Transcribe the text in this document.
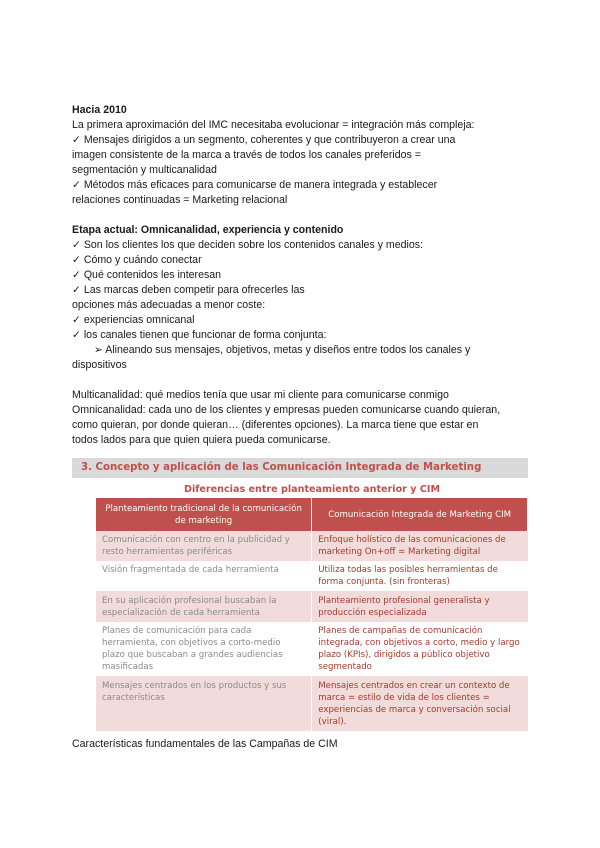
Hacia 2010
La primera aproximación del IMC necesitaba evolucionar = integración más compleja:
✓ Mensajes dirigidos a un segmento, coherentes y que contribuyeron a crear una
imagen consistente de la marca a través de todos los canales preferidos =
segmentación y multicanalidad
✓ Métodos más eficaces para comunicarse de manera integrada y establecer
relaciones continuadas = Marketing relacional
Etapa actual: Omnicanalidad, experiencia y contenido
✓ Son los clientes los que deciden sobre los contenidos canales y medios:
✓ Cómo y cuándo conectar
✓ Qué contenidos les interesan
✓ Las marcas deben competir para ofrecerles las
opciones más adecuadas a menor coste:
✓ experiencias omnicanal
✓ los canales tienen que funcionar de forma conjunta:
➢ Alineando sus mensajes, objetivos, metas y diseños entre todos los canales y
dispositivos
Multicanalidad: qué medios tenía que usar mi cliente para comunicarse conmigo
Omnicanalidad: cada uno de los clientes y empresas pueden comunicarse cuando quieran,
como quieran, por donde quieran… (diferentes opciones). La marca tiene que estar en
todos lados para que quien quiera pueda comunicarse.
3. Concepto y aplicación de las Comunicación Integrada de Marketing
Diferencias entre planteamiento anterior y CIM
Planteamiento tradicional de la comunicación de marketing	Comunicación Integrada de Marketing CIM
Comunicación con centro en la publicidad y resto herramientas periféricas	Enfoque holístico de las comunicaciones de marketing On+off = Marketing digital
Visión fragmentada de cada herramienta	Utiliza todas las posibles herramientas de forma conjunta. (sin fronteras)
En su aplicación profesional buscaban la especialización de cada herramienta	Planteamiento profesional generalista y producción especializada
Planes de comunicación para cada herramienta, con objetivos a corto-medio plazo que buscaban a grandes audiencias masificadas	Planes de campañas de comunicación integrada, con objetivos a corto, medio y largo plazo (KPIs), dirigidos a público objetivo segmentado
Mensajes centrados en los productos y sus características	Mensajes centrados en crear un contexto de marca = estilo de vida de los clientes = experiencias de marca y conversación social (viral).
Características fundamentales de las Campañas de CIM
